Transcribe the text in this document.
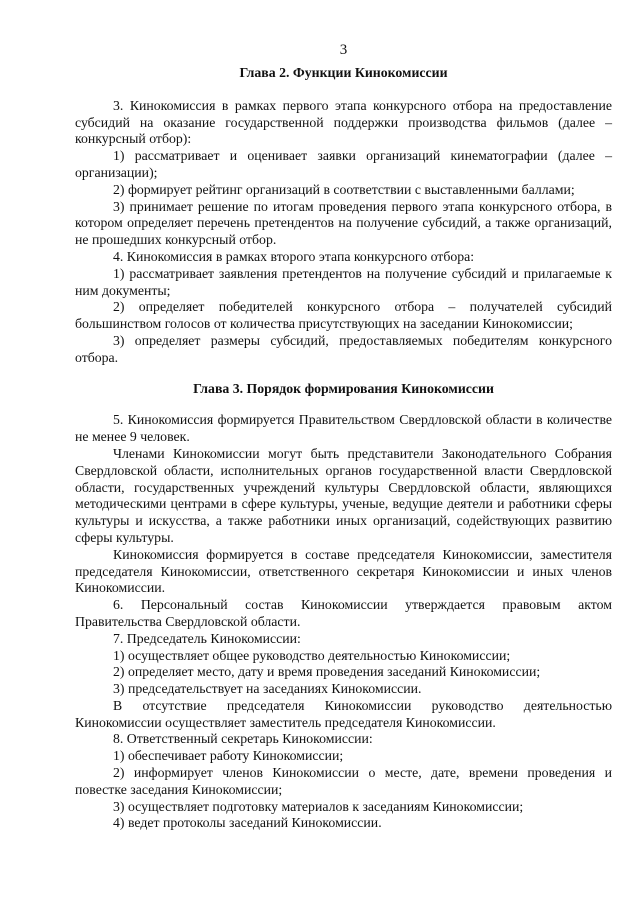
3
Глава 2. Функции Кинокомиссии

3. Кинокомиссия в рамках первого этапа конкурсного отбора на предоставление субсидий на оказание государственной поддержки производства фильмов (далее – конкурсный отбор):

1) рассматривает и оценивает заявки организаций кинематографии (далее – организации);

2) формирует рейтинг организаций в соответствии с выставленными баллами;

3) принимает решение по итогам проведения первого этапа конкурсного отбора, в котором определяет перечень претендентов на получение субсидий, а также организаций, не прошедших конкурсный отбор.

4. Кинокомиссия в рамках второго этапа конкурсного отбора:

1) рассматривает заявления претендентов на получение субсидий и прилагаемые к ним документы;

2) определяет победителей конкурсного отбора – получателей субсидий большинством голосов от количества присутствующих на заседании Кинокомиссии;

3) определяет размеры субсидий, предоставляемых победителям конкурсного отбора.

Глава 3. Порядок формирования Кинокомиссии

5. Кинокомиссия формируется Правительством Свердловской области в количестве не менее 9 человек.

Членами Кинокомиссии могут быть представители Законодательного Собрания Свердловской области, исполнительных органов государственной власти Свердловской области, государственных учреждений культуры Свердловской области, являющихся методическими центрами в сфере культуры, ученые, ведущие деятели и работники сферы культуры и искусства, а также работники иных организаций, содействующих развитию сферы культуры.

Кинокомиссия формируется в составе председателя Кинокомиссии, заместителя председателя Кинокомиссии, ответственного секретаря Кинокомиссии и иных членов Кинокомиссии.

6. Персональный состав Кинокомиссии утверждается правовым актом Правительства Свердловской области.

7. Председатель Кинокомиссии:

1) осуществляет общее руководство деятельностью Кинокомиссии;

2) определяет место, дату и время проведения заседаний Кинокомиссии;

3) председательствует на заседаниях Кинокомиссии.

В отсутствие председателя Кинокомиссии руководство деятельностью Кинокомиссии осуществляет заместитель председателя Кинокомиссии.

8. Ответственный секретарь Кинокомиссии:

1) обеспечивает работу Кинокомиссии;

2) информирует членов Кинокомиссии о месте, дате, времени проведения и повестке заседания Кинокомиссии;

3) осуществляет подготовку материалов к заседаниям Кинокомиссии;

4) ведет протоколы заседаний Кинокомиссии.
